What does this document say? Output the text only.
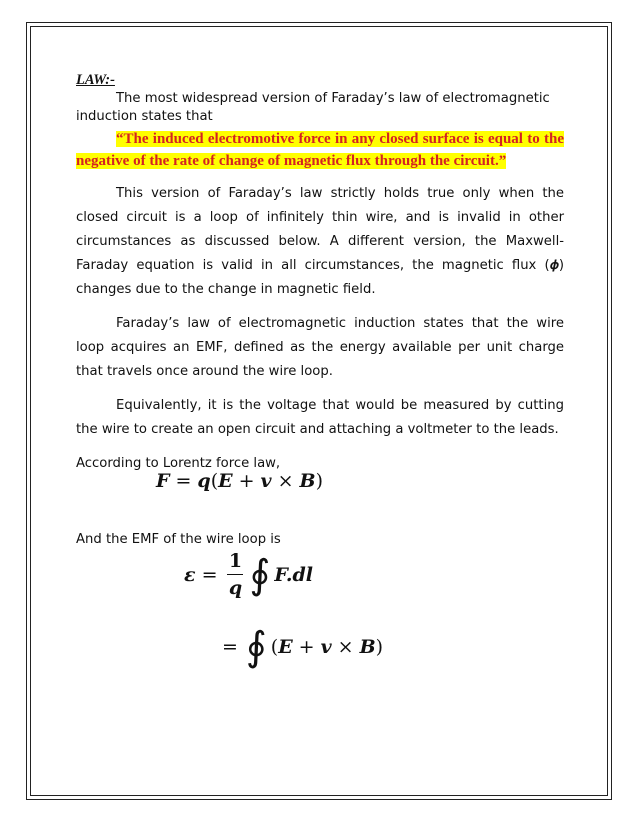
LAW:-

The most widespread version of Faraday’s law of electromagnetic induction states that

“The induced electromotive force in any closed surface is equal to the negative of the rate of change of magnetic flux through the circuit.”

This version of Faraday’s law strictly holds true only when the closed circuit is a loop of infinitely thin wire, and is invalid in other circumstances as discussed below. A different version, the Maxwell-Faraday equation is valid in all circumstances, the magnetic flux (𝝓) changes due to the change in magnetic field.

Faraday’s law of electromagnetic induction states that the wire loop acquires an EMF, defined as the energy available per unit charge that travels once around the wire loop.

Equivalently, it is the voltage that would be measured by cutting the wire to create an open circuit and attaching a voltmeter to the leads.

According to Lorentz force law,

F = q(E + v × B)

And the EMF of the wire loop is

$\varepsilon = \frac{1}{q}$ ∮ F.dl
= ∮ (E + v × B)
